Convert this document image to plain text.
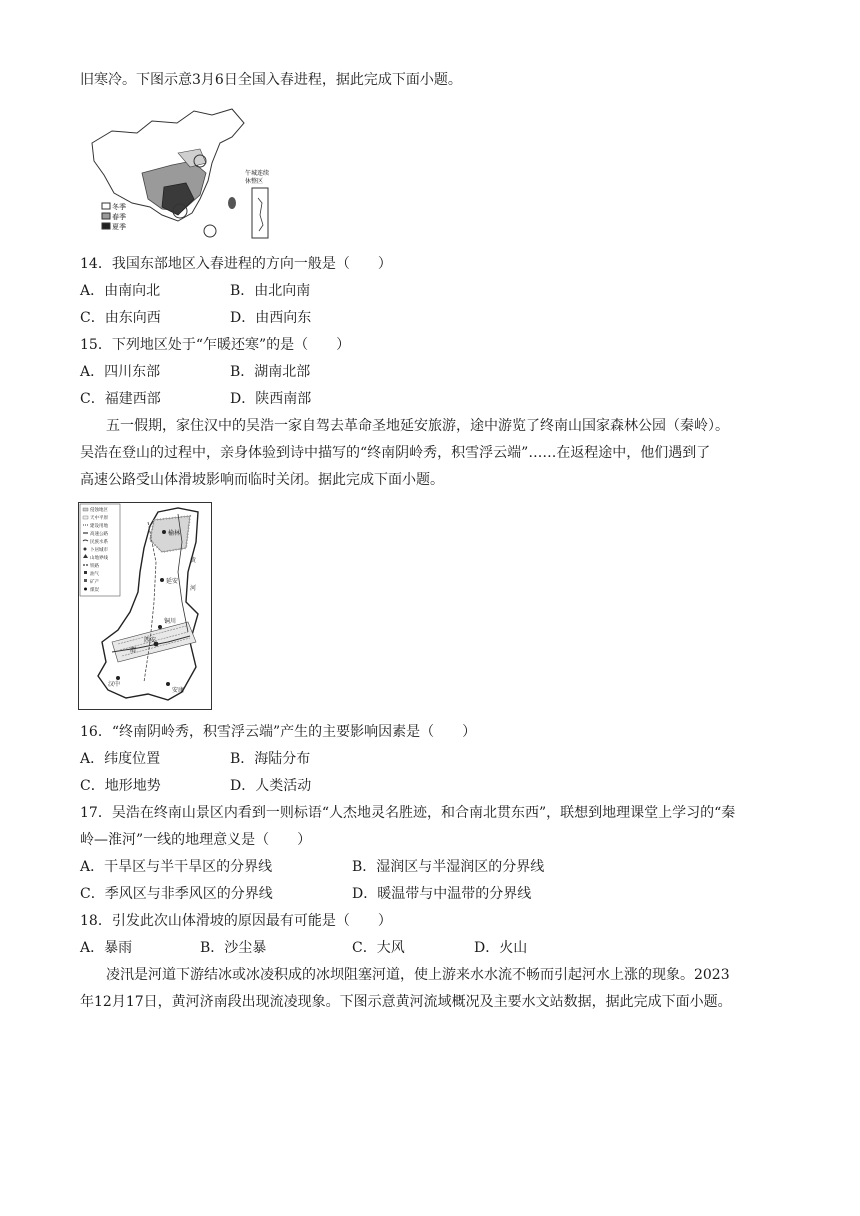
旧寒冷。下图示意3月6日全国入春进程，据此完成下面小题。
冬季
春季
夏季
午城连续
休整区
14．我国东部地区入春进程的方向一般是（　　）
A．由南向北	B．由北向南
C．由东向西	D．由西向东
15．下列地区处于“乍暖还寒”的是（　　）
A．四川东部	B．湖南北部
C．福建西部	D．陕西南部
五一假期，家住汉中的吴浩一家自驾去革命圣地延安旅游，途中游览了终南山国家森林公园（秦岭）。
吴浩在登山的过程中，亲身体验到诗中描写的“终南阴岭秀，积雪浮云端”……在返程途中，他们遇到了
高速公路受山体滑坡影响而临时关闭。据此完成下面小题。
侵蚀地区
天中平原
建设用地
高速公路
民族水系
卜居城市
山地界线
铁路
油气
矿产
煤炭
榆林
延安
铜川
西安
汉中
安康
黄
河
渭
16．“终南阴岭秀，积雪浮云端”产生的主要影响因素是（　　）
A．纬度位置	B．海陆分布
C．地形地势	D．人类活动
17．吴浩在终南山景区内看到一则标语“人杰地灵名胜迹，和合南北贯东西”，联想到地理课堂上学习的“秦
岭—淮河”一线的地理意义是（　　）
A．干旱区与半干旱区的分界线	B．湿润区与半湿润区的分界线
C．季风区与非季风区的分界线	D．暖温带与中温带的分界线
18．引发此次山体滑坡的原因最有可能是（　　）
A．暴雨	B．沙尘暴	C．大风	D．火山
凌汛是河道下游结冰或冰凌积成的冰坝阻塞河道，使上游来水水流不畅而引起河水上涨的现象。2023
年12月17日，黄河济南段出现流凌现象。下图示意黄河流域概况及主要水文站数据，据此完成下面小题。
